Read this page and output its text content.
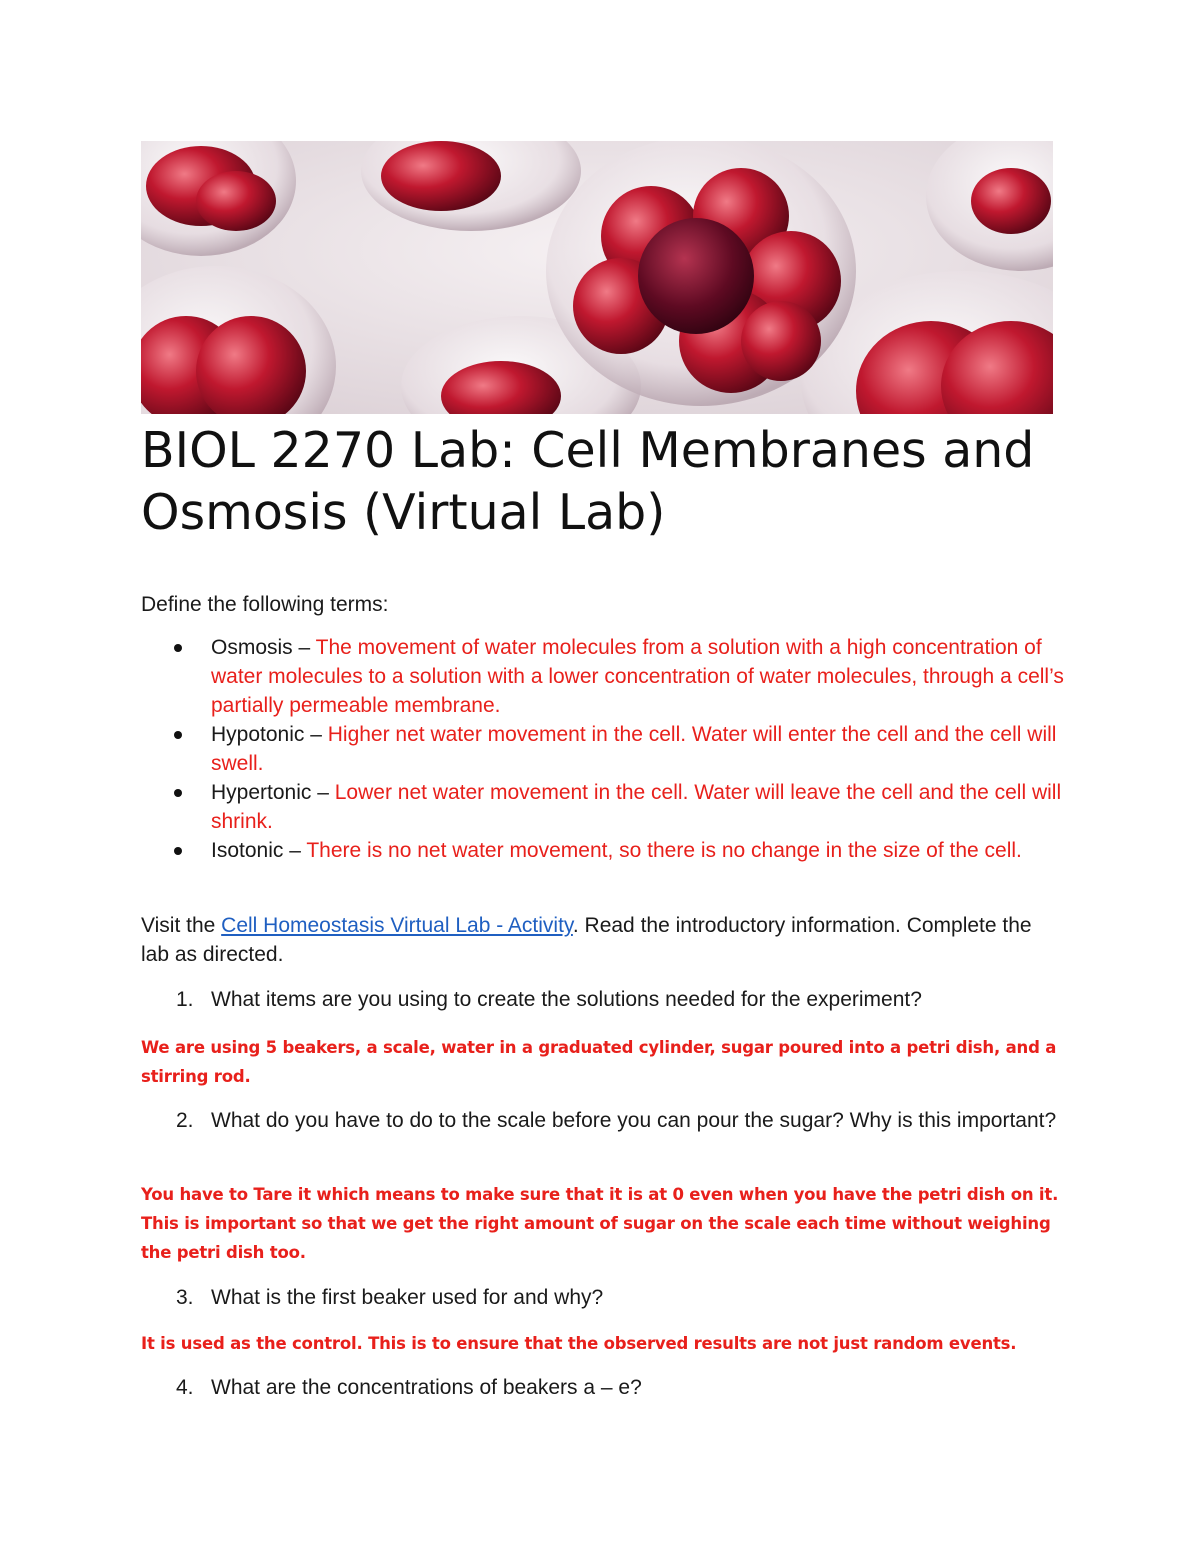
BIOL 2270 Lab: Cell Membranes and Osmosis (Virtual Lab)
Define the following terms:
Osmosis – The movement of water molecules from a solution with a high concentration of water molecules to a solution with a lower concentration of water molecules, through a cell’s partially permeable membrane.
Hypotonic – Higher net water movement in the cell. Water will enter the cell and the cell will swell.
Hypertonic – Lower net water movement in the cell. Water will leave the cell and the cell will shrink.
Isotonic – There is no net water movement, so there is no change in the size of the cell.
Visit the Cell Homeostasis Virtual Lab - Activity. Read the introductory information. Complete the lab as directed.
1. What items are you using to create the solutions needed for the experiment?
We are using 5 beakers, a scale, water in a graduated cylinder, sugar poured into a petri dish, and a stirring rod.
2. What do you have to do to the scale before you can pour the sugar? Why is this important?
You have to Tare it which means to make sure that it is at 0 even when you have the petri dish on it. This is important so that we get the right amount of sugar on the scale each time without weighing the petri dish too.
3. What is the first beaker used for and why?
It is used as the control. This is to ensure that the observed results are not just random events.
4. What are the concentrations of beakers a – e?
